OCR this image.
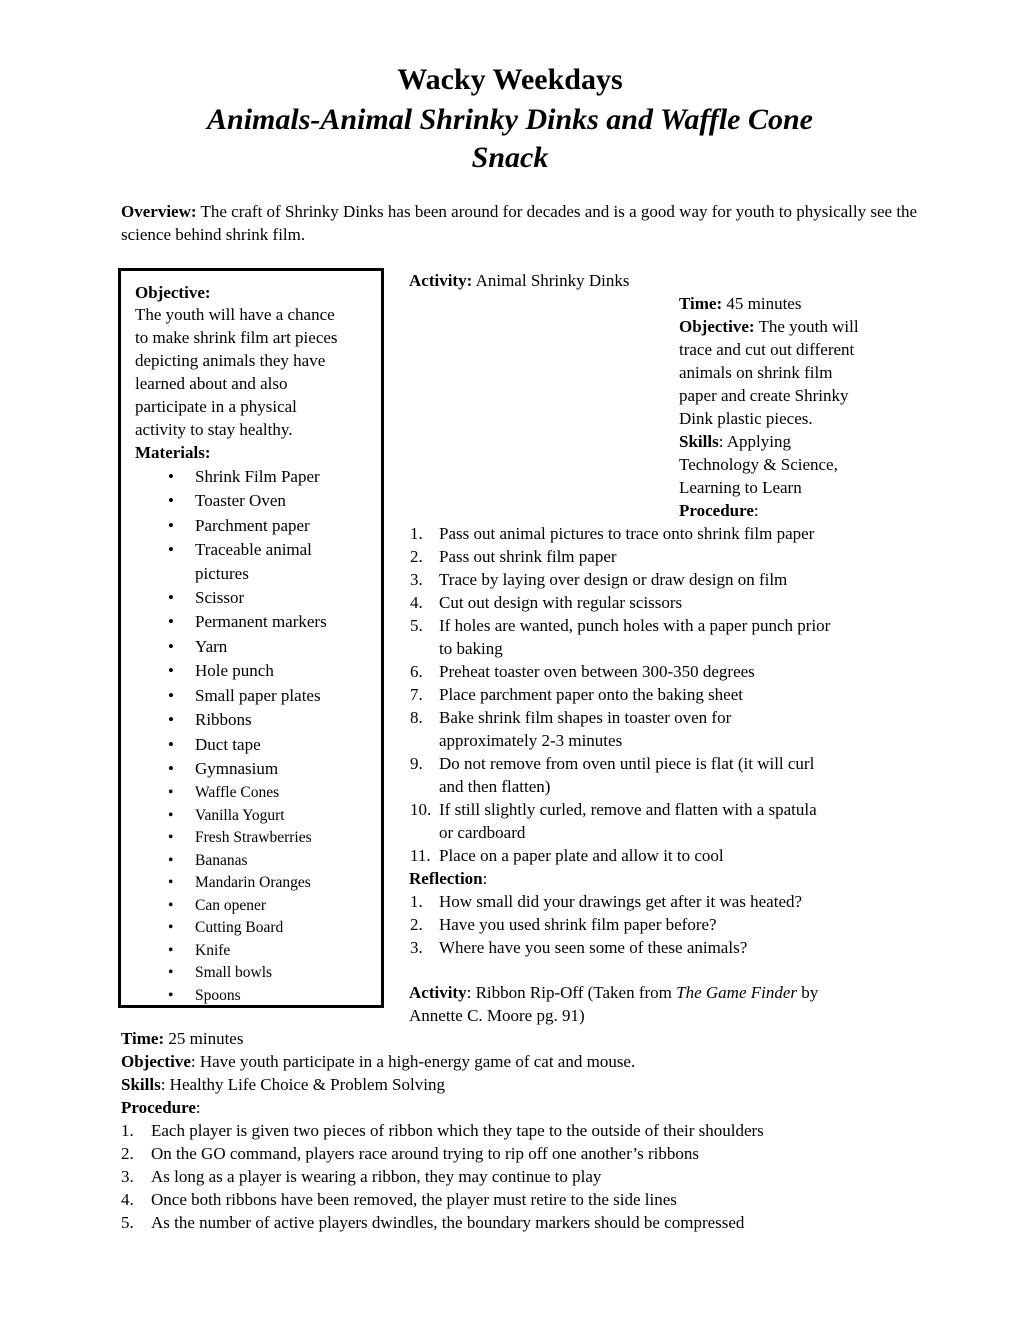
Wacky Weekdays
Animals-Animal Shrinky Dinks and Waffle Cone
Snack
Overview: The craft of Shrinky Dinks has been around for decades and is a good way for youth to physically see the science behind shrink film.
Objective:
The youth will have a chance
to make shrink film art pieces
depicting animals they have
learned about and also
participate in a physical
activity to stay healthy.
Materials:
• Shrink Film Paper
• Toaster Oven
• Parchment paper
• Traceable animal
pictures
• Scissor
• Permanent markers
• Yarn
• Hole punch
• Small paper plates
• Ribbons
• Duct tape
• Gymnasium
• Waffle Cones
• Vanilla Yogurt
• Fresh Strawberries
• Bananas
• Mandarin Oranges
• Can opener
• Cutting Board
• Knife
• Small bowls
• Spoons
Activity: Animal Shrinky Dinks
Time: 45 minutes
Objective: The youth will
trace and cut out different
animals on shrink film
paper and create Shrinky
Dink plastic pieces.
Skills: Applying
Technology & Science,
Learning to Learn
Procedure:
1. Pass out animal pictures to trace onto shrink film paper
2. Pass out shrink film paper
3. Trace by laying over design or draw design on film
4. Cut out design with regular scissors
5. If holes are wanted, punch holes with a paper punch prior
to baking
6. Preheat toaster oven between 300-350 degrees
7. Place parchment paper onto the baking sheet
8. Bake shrink film shapes in toaster oven for
approximately 2-3 minutes
9. Do not remove from oven until piece is flat (it will curl
and then flatten)
10. If still slightly curled, remove and flatten with a spatula
or cardboard
11. Place on a paper plate and allow it to cool
Reflection:
1. How small did your drawings get after it was heated?
2. Have you used shrink film paper before?
3. Where have you seen some of these animals?
Activity: Ribbon Rip-Off (Taken from The Game Finder by
Annette C. Moore pg. 91)
Time: 25 minutes
Objective: Have youth participate in a high-energy game of cat and mouse.
Skills: Healthy Life Choice & Problem Solving
Procedure:
1. Each player is given two pieces of ribbon which they tape to the outside of their shoulders
2. On the GO command, players race around trying to rip off one another’s ribbons
3. As long as a player is wearing a ribbon, they may continue to play
4. Once both ribbons have been removed, the player must retire to the side lines
5. As the number of active players dwindles, the boundary markers should be compressed
